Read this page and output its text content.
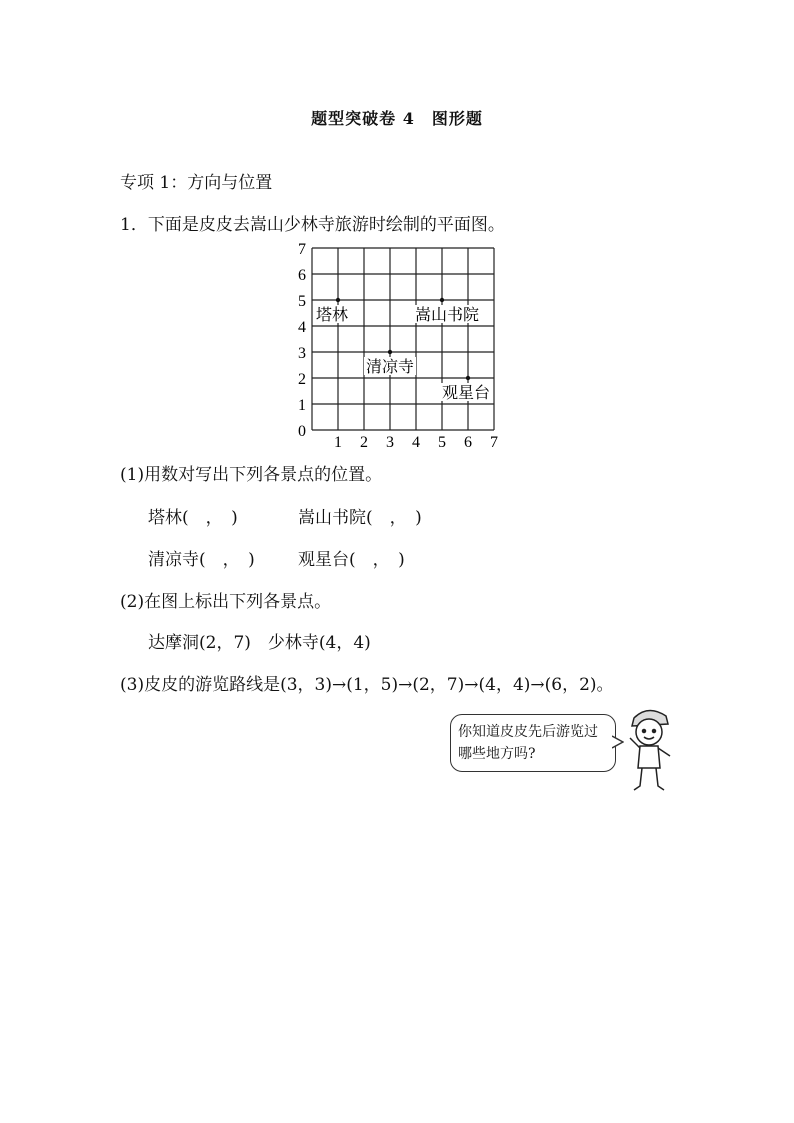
题型突破卷 4　图形题
专项 1：方向与位置
1．下面是皮皮去嵩山少林寺旅游时绘制的平面图。
1 2 3 4 5 6 7
0
1
2
3
4
5
6
7
塔林	嵩山书院
清凉寺
观星台
(1)用数对写出下列各景点的位置。
塔林(　，　)	嵩山书院(　，　)
清凉寺(　，　)	观星台(　，　)
(2)在图上标出下列各景点。
达摩洞(2，7)　少林寺(4，4)
(3)皮皮的游览路线是(3，3)→(1，5)→(2，7)→(4，4)→(6，2)。
你知道皮皮先后游览过哪些地方吗?
